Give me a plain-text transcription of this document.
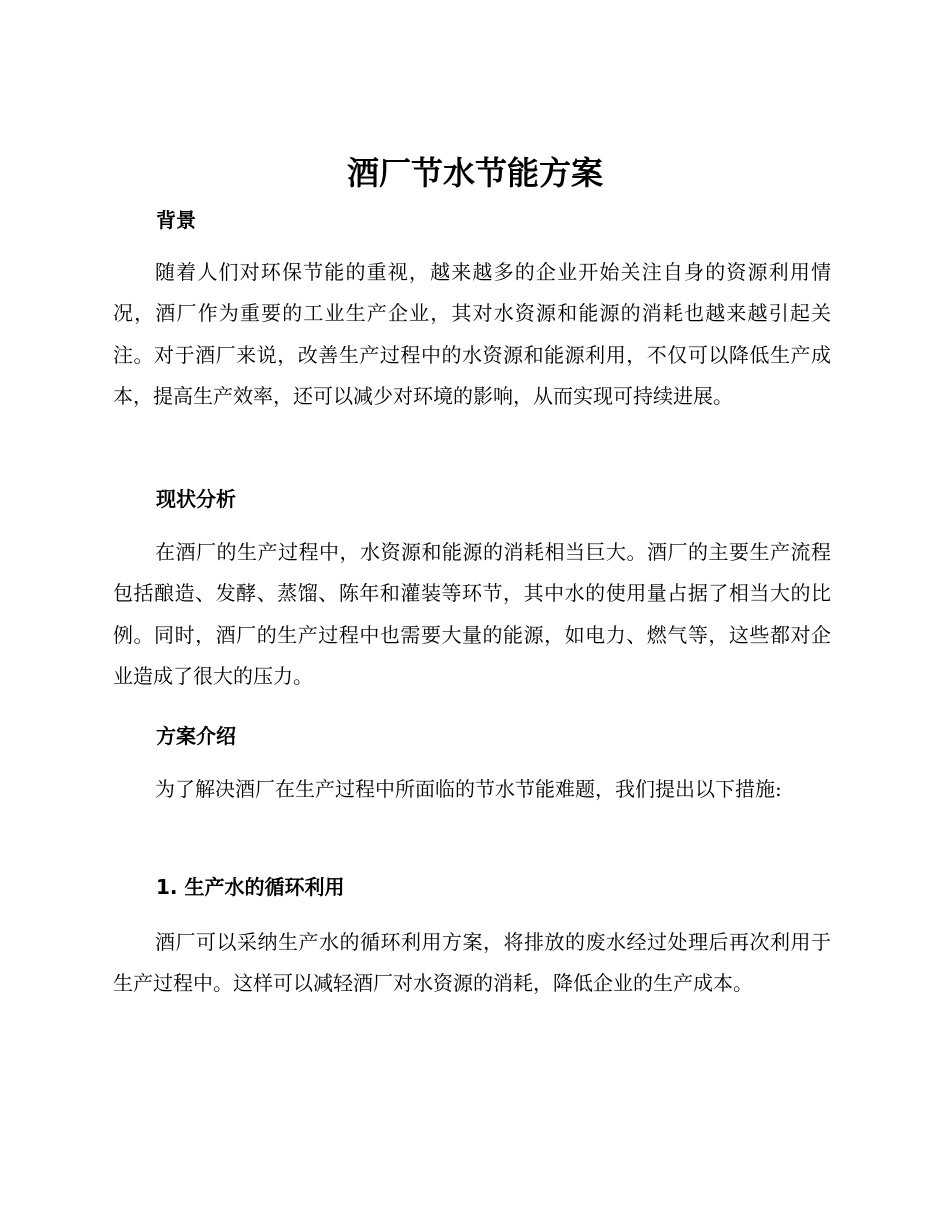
酒厂节水节能方案
背景

随着人们对环保节能的重视，越来越多的企业开始关注自身的资源利用情况，酒厂作为重要的工业生产企业，其对水资源和能源的消耗也越来越引起关注。对于酒厂来说，改善生产过程中的水资源和能源利用，不仅可以降低生产成本，提高生产效率，还可以减少对环境的影响，从而实现可持续进展。

现状分析

在酒厂的生产过程中，水资源和能源的消耗相当巨大。酒厂的主要生产流程包括酿造、发酵、蒸馏、陈年和灌装等环节，其中水的使用量占据了相当大的比例。同时，酒厂的生产过程中也需要大量的能源，如电力、燃气等，这些都对企业造成了很大的压力。

方案介绍

为了解决酒厂在生产过程中所面临的节水节能难题，我们提出以下措施:

1. 生产水的循环利用

酒厂可以采纳生产水的循环利用方案，将排放的废水经过处理后再次利用于生产过程中。这样可以减轻酒厂对水资源的消耗，降低企业的生产成本。
